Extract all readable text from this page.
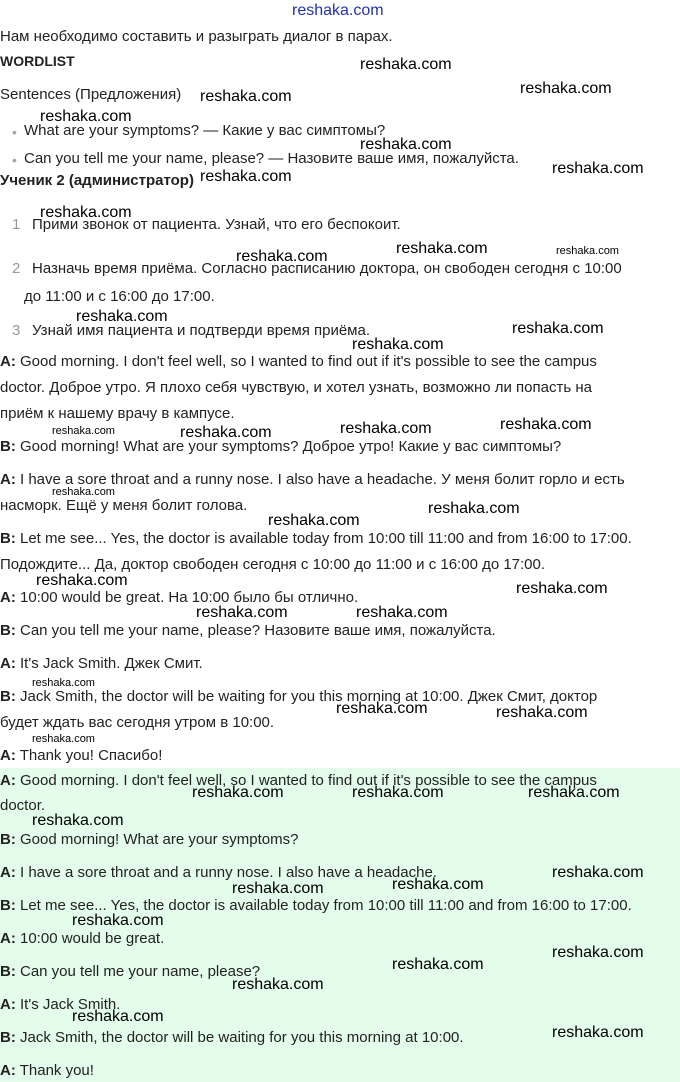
Нам необходимо составить и разыграть диалог в парах.
WORDLIST
Sentences (Предложения)
• What are your symptoms? — Какие у вас симптомы?
• Can you tell me your name, please? — Назовите ваше имя, пожалуйста.
Ученик 2 (администратор)
1 Прими звонок от пациента. Узнай, что его беспокоит.
2 Назначь время приёма. Согласно расписанию доктора, он свободен сегодня с 10:00
до 11:00 и с 16:00 до 17:00.
3 Узнай имя пациента и подтверди время приёма.
A: Good morning. I don't feel well, so I wanted to find out if it's possible to see the campus
doctor. Доброе утро. Я плохо себя чувствую, и хотел узнать, возможно ли попасть на
приём к нашему врачу в кампусе.
B: Good morning! What are your symptoms? Доброе утро! Какие у вас симптомы?
A: I have a sore throat and a runny nose. I also have a headache. У меня болит горло и есть
насморк. Ещё у меня болит голова.
B: Let me see... Yes, the doctor is available today from 10:00 till 11:00 and from 16:00 to 17:00.
Подождите... Да, доктор свободен сегодня с 10:00 до 11:00 и с 16:00 до 17:00.
A: 10:00 would be great. На 10:00 было бы отлично.
B: Can you tell me your name, please? Назовите ваше имя, пожалуйста.
A: It's Jack Smith. Джек Смит.
B: Jack Smith, the doctor will be waiting for you this morning at 10:00. Джек Смит, доктор
будет ждать вас сегодня утром в 10:00.
A: Thank you! Спасибо!
A: Good morning. I don't feel well, so I wanted to find out if it's possible to see the campus
doctor.
B: Good morning! What are your symptoms?
A: I have a sore throat and a runny nose. I also have a headache.
B: Let me see... Yes, the doctor is available today from 10:00 till 11:00 and from 16:00 to 17:00.
A: 10:00 would be great.
B: Can you tell me your name, please?
A: It's Jack Smith.
B: Jack Smith, the doctor will be waiting for you this morning at 10:00.
A: Thank you!
reshaka.com
reshaka.com
reshaka.com
reshaka.com
reshaka.com
reshaka.com
reshaka.com
reshaka.com
reshaka.com
reshaka.com	reshaka.com
reshaka.com
reshaka.com
reshaka.com
reshaka.com
reshaka.com
reshaka.com
reshaka.com	reshaka.com
reshaka.com
reshaka.com
reshaka.com
reshaka.com	reshaka.com
reshaka.com	reshaka.com
reshaka.com
reshaka.com	reshaka.com
reshaka.com
reshaka.com	reshaka.com	reshaka.com
reshaka.com
reshaka.com
reshaka.com
reshaka.com
reshaka.com
reshaka.com
reshaka.com
reshaka.com
reshaka.com
reshaka.com
